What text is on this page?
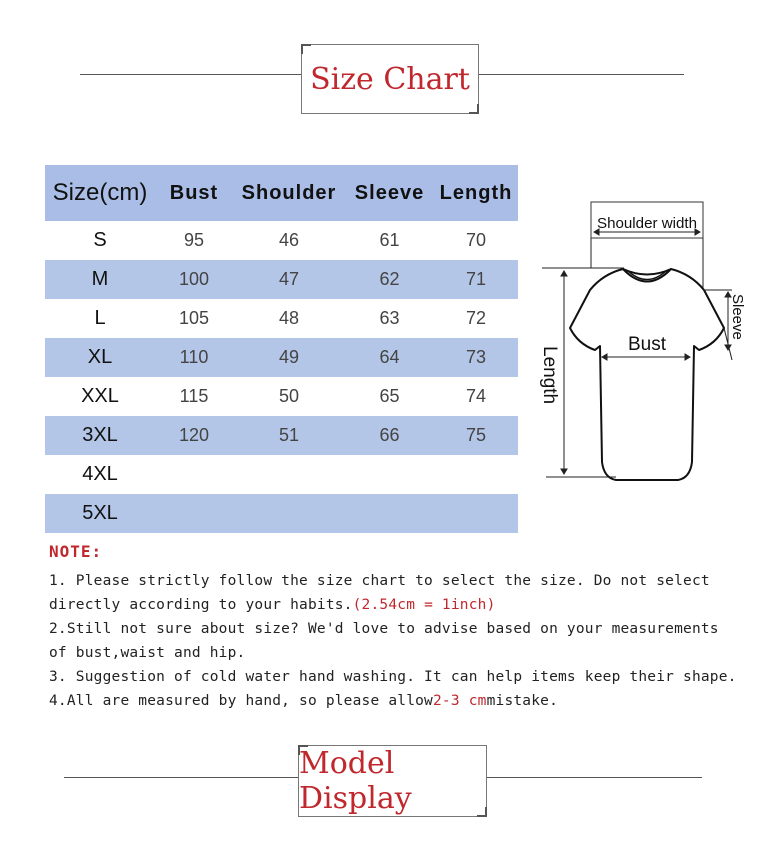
Size Chart
Size(cm)	Bust	Shoulder	Sleeve	Length
S	95	46	61	70
M	100	47	62	71
L	105	48	63	72
XL	110	49	64	73
XXL	115	50	65	74
3XL	120	51	66	75
4XL				
5XL				
Shoulder width
Sleeve
Bust
Length
NOTE:
1. Please strictly follow the size chart to select the size. Do not select
directly according to your habits.(2.54cm = 1inch)
2.Still not sure about size? We'd love to advise based on your measurements
of bust,waist and hip.
3. Suggestion of cold water hand washing. It can help items keep their shape.
4.All are measured by hand, so please allow2-3 cmmistake.
Model Display
